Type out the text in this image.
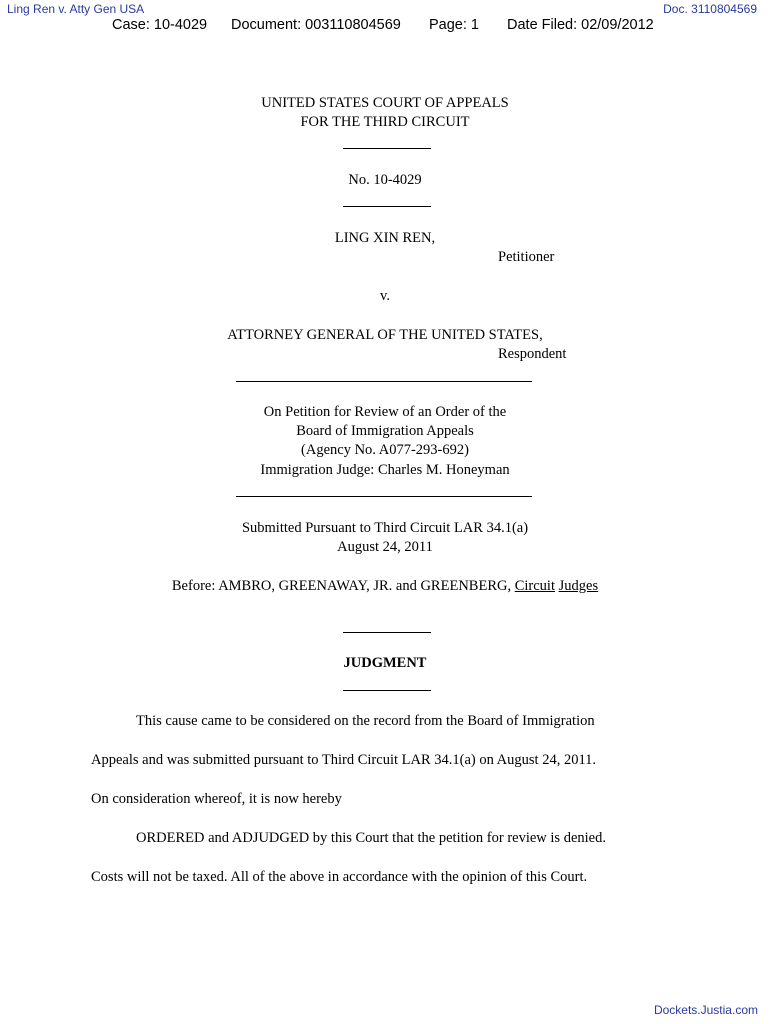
Ling Ren v. Atty Gen USA	Doc. 3110804569
Case: 10-4029 Document: 003110804569 Page: 1 Date Filed: 02/09/2012
UNITED STATES COURT OF APPEALS
FOR THE THIRD CIRCUIT
No. 10-4029
LING XIN REN,
Petitioner
v.
ATTORNEY GENERAL OF THE UNITED STATES,
Respondent
On Petition for Review of an Order of the
Board of Immigration Appeals
(Agency No. A077-293-692)
Immigration Judge: Charles M. Honeyman
Submitted Pursuant to Third Circuit LAR 34.1(a)
August 24, 2011
Before: AMBRO, GREENAWAY, JR. and GREENBERG, Circuit Judges
JUDGMENT
This cause came to be considered on the record from the Board of Immigration
Appeals and was submitted pursuant to Third Circuit LAR 34.1(a) on August 24, 2011.
On consideration whereof, it is now hereby
ORDERED and ADJUDGED by this Court that the petition for review is denied.
Costs will not be taxed. All of the above in accordance with the opinion of this Court.
Dockets.Justia.com
